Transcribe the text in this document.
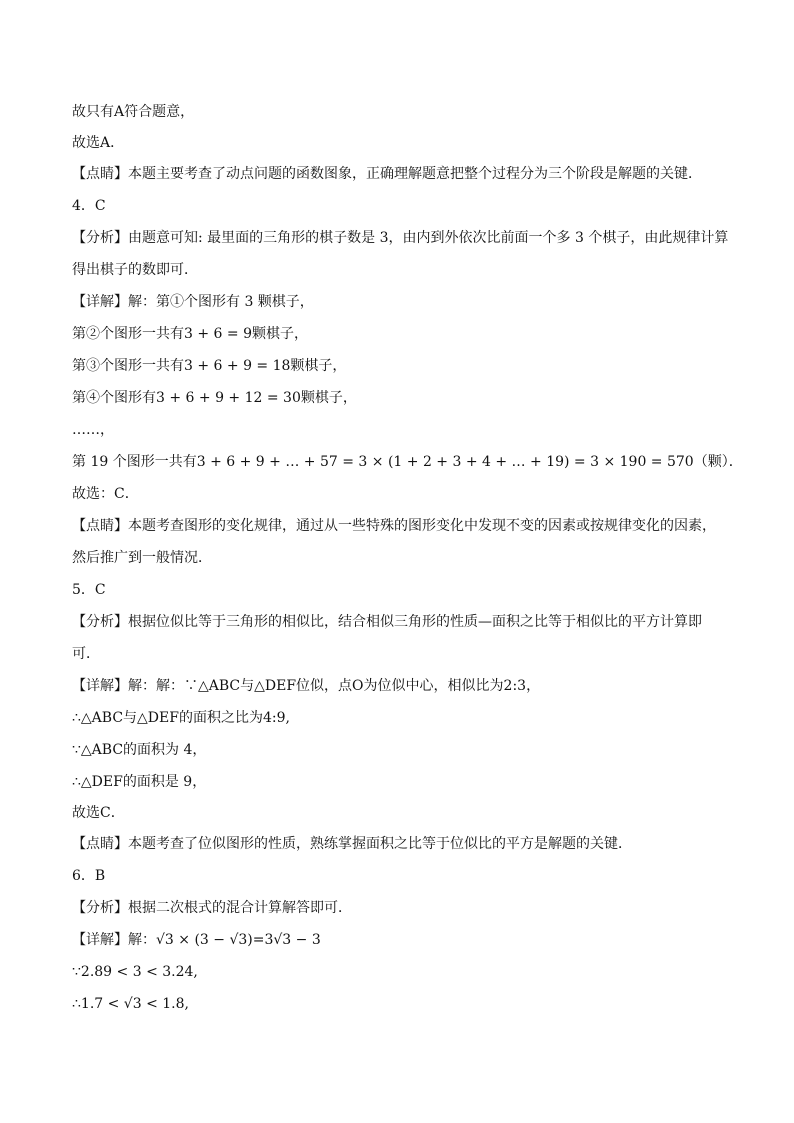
故只有A符合题意，
故选A．
【点睛】本题主要考查了动点问题的函数图象，正确理解题意把整个过程分为三个阶段是解题的关键．
4．C
【分析】由题意可知: 最里面的三角形的棋子数是 3，由内到外依次比前面一个多 3 个棋子，由此规律计算
得出棋子的数即可．
【详解】解：第①个图形有 3 颗棋子，
第②个图形一共有3 + 6 = 9颗棋子，
第③个图形一共有3 + 6 + 9 = 18颗棋子，
第④个图形有3 + 6 + 9 + 12 = 30颗棋子，
……，
第 19 个图形一共有3 + 6 + 9 + … + 57 = 3 × (1 + 2 + 3 + 4 + … + 19) = 3 × 190 = 570（颗）．
故选：C．
【点睛】本题考查图形的变化规律，通过从一些特殊的图形变化中发现不变的因素或按规律变化的因素，
然后推广到一般情况．
5．C
【分析】根据位似比等于三角形的相似比，结合相似三角形的性质—面积之比等于相似比的平方计算即
可．
【详解】解：解：∵△ABC与△DEF位似，点O为位似中心，相似比为2:3，
∴△ABC与△DEF的面积之比为4:9,
∵△ABC的面积为 4，
∴△DEF的面积是 9，
故选C．
【点睛】本题考查了位似图形的性质，熟练掌握面积之比等于位似比的平方是解题的关键．
6．B
【分析】根据二次根式的混合计算解答即可．
【详解】解：√3 × (3 − √3)=3√3 − 3
∵2.89 < 3 < 3.24,
∴1.7 < √3 < 1.8,
